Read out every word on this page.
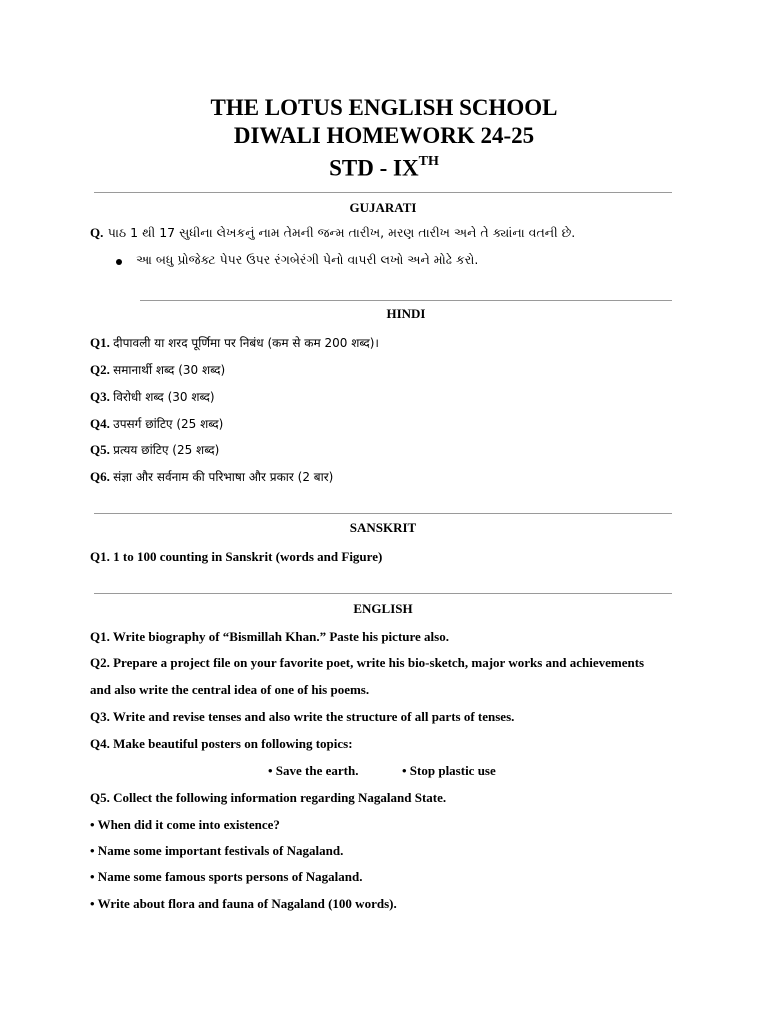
THE LOTUS ENGLISH SCHOOL
DIWALI HOMEWORK 24-25
STD - IXTH
GUJARATI
Q. પાઠ 1 થી 17 સુધીના લેખકનું નામ તેમની જન્મ તારીખ, મરણ તારીખ અને તે ક્યાંના વતની છે.
આ બધુ પ્રોજેક્ટ પેપર ઉપર રંગબેરંગી પેનો વાપરી લખો અને મોઢે કરો.
HINDI
Q1. दीपावली या शरद पूर्णिमा पर निबंध (कम से कम 200 शब्द)।
Q2. समानार्थी शब्द (30 शब्द)
Q3. विरोधी शब्द (30 शब्द)
Q4. उपसर्ग छांटिए (25 शब्द)
Q5. प्रत्यय छांटिए (25 शब्द)
Q6. संज्ञा और सर्वनाम की परिभाषा और प्रकार (2 बार)
SANSKRIT
Q1. 1 to 100 counting in Sanskrit (words and Figure)
ENGLISH
Q1. Write biography of “Bismillah Khan.” Paste his picture also.
Q2. Prepare a project file on your favorite poet, write his bio-sketch, major works and achievements
and also write the central idea of one of his poems.
Q3. Write and revise tenses and also write the structure of all parts of tenses.
Q4. Make beautiful posters on following topics:
• Save the earth.	• Stop plastic use
Q5. Collect the following information regarding Nagaland State.
• When did it come into existence?
• Name some important festivals of Nagaland.
• Name some famous sports persons of Nagaland.
• Write about flora and fauna of Nagaland (100 words).
